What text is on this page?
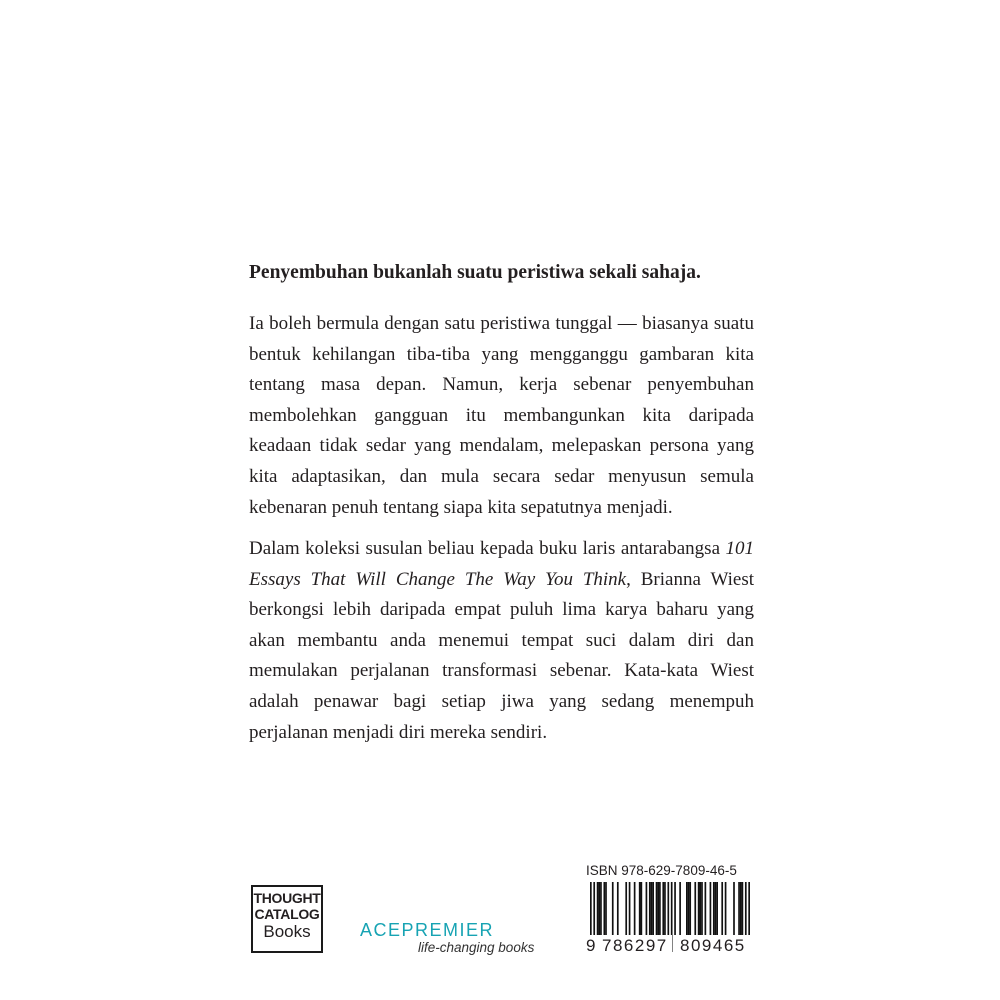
Penyembuhan bukanlah suatu peristiwa sekali sahaja.

Ia boleh bermula dengan satu peristiwa tunggal — biasanya suatu bentuk kehilangan tiba-tiba yang mengganggu gambaran kita tentang masa depan. Namun, kerja sebenar penyembuhan membolehkan gangguan itu membangunkan kita daripada keadaan tidak sedar yang mendalam, melepaskan persona yang kita adaptasikan, dan mula secara sedar menyusun semula kebenaran penuh tentang siapa kita sepatutnya menjadi.

Dalam koleksi susulan beliau kepada buku laris antarabangsa 101 Essays That Will Change The Way You Think, Brianna Wiest berkongsi lebih daripada empat puluh lima karya baharu yang akan membantu anda menemui tempat suci dalam diri dan memulakan perjalanan transformasi sebenar. Kata-kata Wiest adalah penawar bagi setiap jiwa yang sedang menempuh perjalanan menjadi diri mereka sendiri.

THOUGHT
CATALOG
Books	ACEPREMIER
life-changing books
ISBN 978-629-7809-46-5
9 786297 809465
